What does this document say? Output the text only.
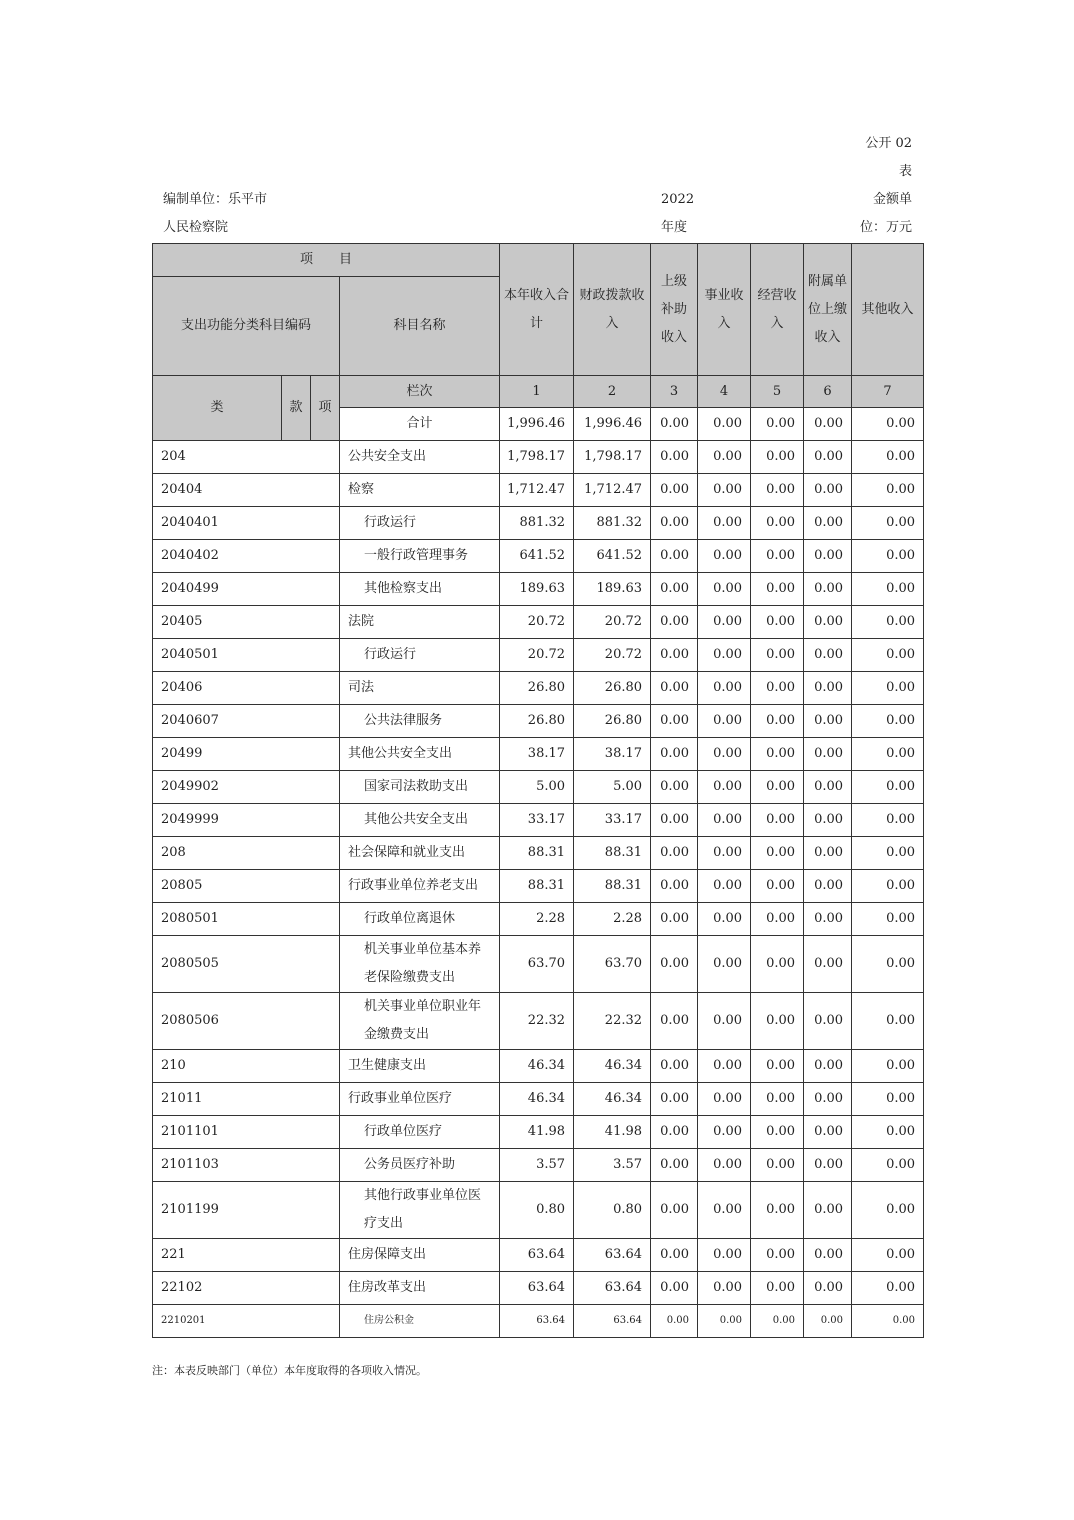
公开 02
表
编制单位：乐平市
人民检察院
2022
年度
金额单
位：万元
项　　目				本年收入合计	财政拨款收入	上级补助收入	事业收入	经营收入	附属单位上缴收入	其他收入
支出功能分类科目编码			科目名称							
类	款	项	栏次	1	2	3	4	5	6	7
			合计	1,996.46	1,996.46	0.00	0.00	0.00	0.00	0.00
204			公共安全支出	1,798.17	1,798.17	0.00	0.00	0.00	0.00	0.00
20404			检察	1,712.47	1,712.47	0.00	0.00	0.00	0.00	0.00
2040401			行政运行	881.32	881.32	0.00	0.00	0.00	0.00	0.00
2040402			一般行政管理事务	641.52	641.52	0.00	0.00	0.00	0.00	0.00
2040499			其他检察支出	189.63	189.63	0.00	0.00	0.00	0.00	0.00
20405			法院	20.72	20.72	0.00	0.00	0.00	0.00	0.00
2040501			行政运行	20.72	20.72	0.00	0.00	0.00	0.00	0.00
20406			司法	26.80	26.80	0.00	0.00	0.00	0.00	0.00
2040607			公共法律服务	26.80	26.80	0.00	0.00	0.00	0.00	0.00
20499			其他公共安全支出	38.17	38.17	0.00	0.00	0.00	0.00	0.00
2049902			国家司法救助支出	5.00	5.00	0.00	0.00	0.00	0.00	0.00
2049999			其他公共安全支出	33.17	33.17	0.00	0.00	0.00	0.00	0.00
208			社会保障和就业支出	88.31	88.31	0.00	0.00	0.00	0.00	0.00
20805			行政事业单位养老支出	88.31	88.31	0.00	0.00	0.00	0.00	0.00
2080501			行政单位离退休	2.28	2.28	0.00	0.00	0.00	0.00	0.00
2080505			机关事业单位基本养老保险缴费支出	63.70	63.70	0.00	0.00	0.00	0.00	0.00
2080506			机关事业单位职业年金缴费支出	22.32	22.32	0.00	0.00	0.00	0.00	0.00
210			卫生健康支出	46.34	46.34	0.00	0.00	0.00	0.00	0.00
21011			行政事业单位医疗	46.34	46.34	0.00	0.00	0.00	0.00	0.00
2101101			行政单位医疗	41.98	41.98	0.00	0.00	0.00	0.00	0.00
2101103			公务员医疗补助	3.57	3.57	0.00	0.00	0.00	0.00	0.00
2101199			其他行政事业单位医疗支出	0.80	0.80	0.00	0.00	0.00	0.00	0.00
221			住房保障支出	63.64	63.64	0.00	0.00	0.00	0.00	0.00
22102			住房改革支出	63.64	63.64	0.00	0.00	0.00	0.00	0.00
2210201			住房公积金	63.64	63.64	0.00	0.00	0.00	0.00	0.00
注：本表反映部门（单位）本年度取得的各项收入情况。
